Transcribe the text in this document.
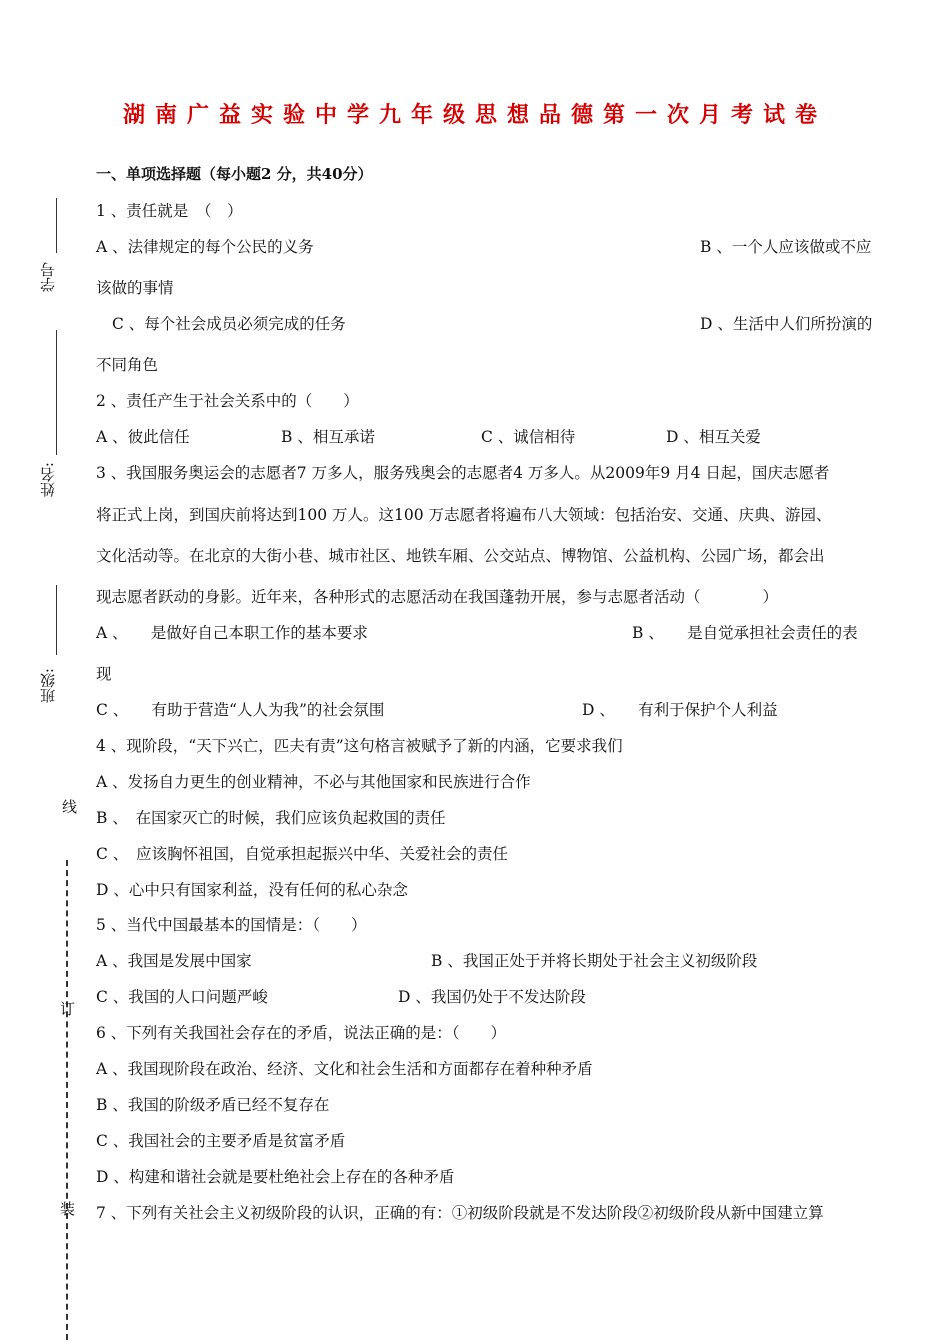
湖南广益实验中学九年级思想品德第一次月考试卷
一、单项选择题（每小题2 分，共40分）
学号
姓名:
班级:
线
订
装
1 、责任就是　（　）
A 、法律规定的每个公民的义务	B 、一个人应该做或不应
该做的事情
C 、每个社会成员必须完成的任务	D 、生活中人们所扮演的
不同角色
2 、责任产生于社会关系中的（　　）
A 、彼此信任	B 、相互承诺	C 、诚信相待	D 、相互关爱
3 、我国服务奥运会的志愿者7 万多人，服务残奥会的志愿者4 万多人。从2009年9 月4 日起，国庆志愿者
将正式上岗，到国庆前将达到100 万人。这100 万志愿者将遍布八大领域：包括治安、交通、庆典、游园、
文化活动等。在北京的大街小巷、城市社区、地铁车厢、公交站点、博物馆、公益机构、公园广场，都会出
现志愿者跃动的身影。近年来，各种形式的志愿活动在我国蓬勃开展，参与志愿者活动（　　　　）
A 、　　是做好自己本职工作的基本要求	B 、　　是自觉承担社会责任的表
现
C 、　　有助于营造“人人为我”的社会氛围	D 、　　有利于保护个人利益
4 、现阶段，“天下兴亡，匹夫有责”这句格言被赋予了新的内涵，它要求我们
A 、发扬自力更生的创业精神，不必与其他国家和民族进行合作
B 、　在国家灭亡的时候，我们应该负起救国的责任
C 、　应该胸怀祖国，自觉承担起振兴中华、关爱社会的责任
D 、心中只有国家利益，没有任何的私心杂念
5 、当代中国最基本的国情是：（　　）
A 、我国是发展中国家	B 、我国正处于并将长期处于社会主义初级阶段
C 、我国的人口问题严峻	D 、我国仍处于不发达阶段
6 、下列有关我国社会存在的矛盾，说法正确的是：（　　）
A 、我国现阶段在政治、经济、文化和社会生活和方面都存在着种种矛盾
B 、我国的阶级矛盾已经不复存在
C 、我国社会的主要矛盾是贫富矛盾
D 、构建和谐社会就是要杜绝社会上存在的各种矛盾
7 、下列有关社会主义初级阶段的认识，正确的有：①初级阶段就是不发达阶段②初级阶段从新中国建立算
